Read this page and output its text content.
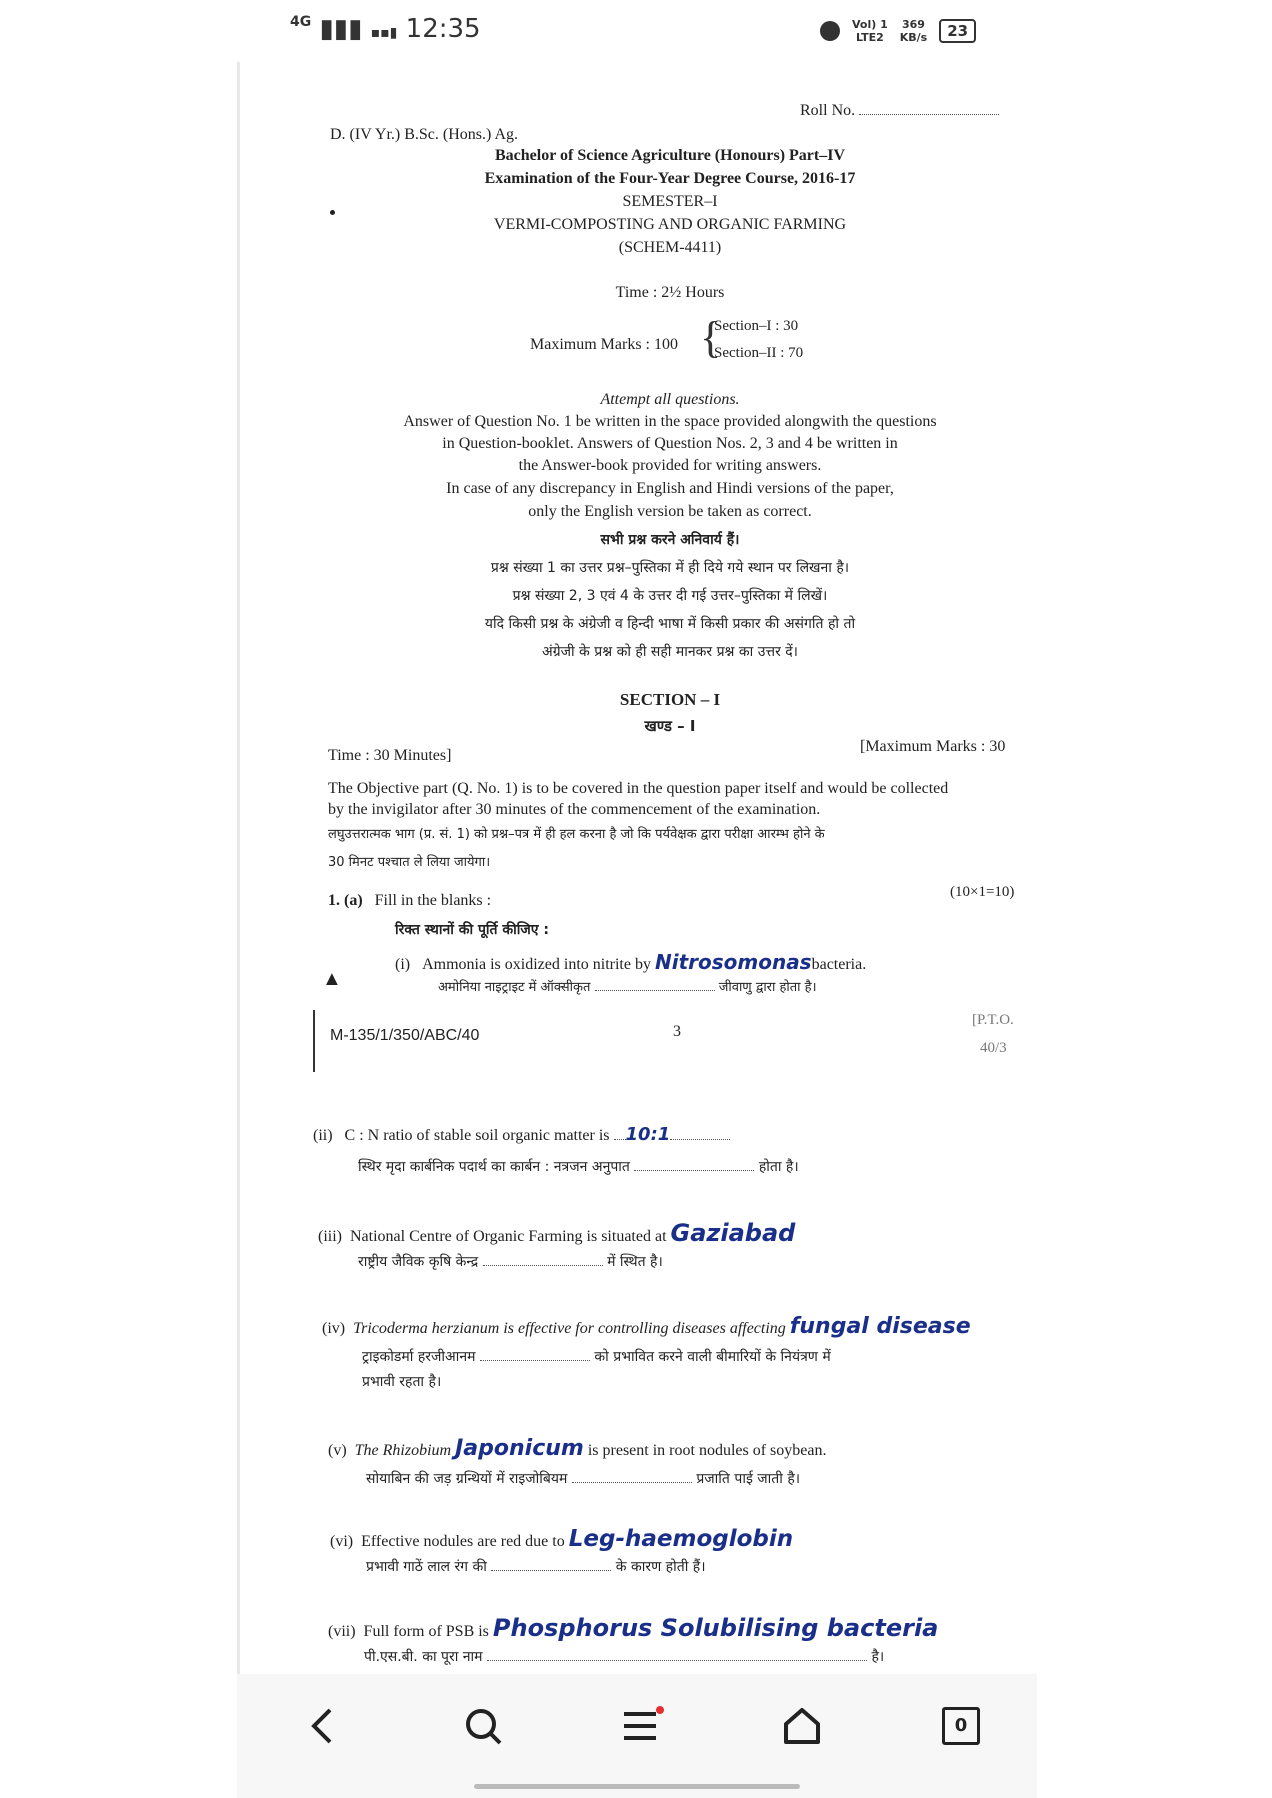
$^{4G}$ ▮▮▮ ▪▪▮ 12:35	Vol) 1
LTE2
369
KB/s	23
Roll No.
D. (IV Yr.) B.Sc. (Hons.) Ag.
Bachelor of Science Agriculture (Honours) Part–IV
Examination of the Four-Year Degree Course, 2016-17
SEMESTER–I
VERMI-COMPOSTING AND ORGANIC FARMING
(SCHEM-4411)
Time : 2½ Hours
Maximum Marks : 100 {
Section–I : 30
Section–II : 70
Attempt all questions.
Answer of Question No. 1 be written in the space provided alongwith the questions
in Question-booklet. Answers of Question Nos. 2, 3 and 4 be written in
the Answer-book provided for writing answers.
In case of any discrepancy in English and Hindi versions of the paper,
only the English version be taken as correct.
सभी प्रश्न करने अनिवार्य हैं।
प्रश्न संख्या 1 का उत्तर प्रश्न–पुस्तिका में ही दिये गये स्थान पर लिखना है।
प्रश्न संख्या 2, 3 एवं 4 के उत्तर दी गई उत्तर–पुस्तिका में लिखें।
यदि किसी प्रश्न के अंग्रेजी व हिन्दी भाषा में किसी प्रकार की असंगति हो तो
अंग्रेजी के प्रश्न को ही सही मानकर प्रश्न का उत्तर दें।
SECTION – I
खण्ड – I
Time : 30 Minutes]
[Maximum Marks : 30
The Objective part (Q. No. 1) is to be covered in the question paper itself and would be collected
by the invigilator after 30 minutes of the commencement of the examination.
लघुउत्तरात्मक भाग (प्र. सं. 1) को प्रश्न–पत्र में ही हल करना है जो कि पर्यवेक्षक द्वारा परीक्षा आरम्भ होने के
30 मिनट पश्चात ले लिया जायेगा।
1. (a) Fill in the blanks :	(10×1=10)
रिक्त स्थानों की पूर्ति कीजिए :
(i) Ammonia is oxidized into nitrite by Nitrosomonasbacteria.
अमोनिया नाइट्राइट में ऑक्सीकृत	जीवाणु द्वारा होता है।
▲
M-135/1/350/ABC/40	3
[P.T.O.
40/3
(ii) C : N ratio of stable soil organic matter is 10:1
स्थिर मृदा कार्बनिक पदार्थ का कार्बन : नत्रजन अनुपात	होता है।
(iii) National Centre of Organic Farming is situated at Gaziabad
राष्ट्रीय जैविक कृषि केन्द्र	में स्थित है।
(iv) Tricoderma herzianum is effective for controlling diseases affecting fungal disease
ट्राइकोडर्मा हरजीआनम	को प्रभावित करने वाली बीमारियों के नियंत्रण में
प्रभावी रहता है।
(v) The Rhizobium Japonicum is present in root nodules of soybean.
सोयाबिन की जड़ ग्रन्थियों में राइजोबियम	प्रजाति पाई जाती है।
(vi) Effective nodules are red due to Leg-haemoglobin
प्रभावी गाठें लाल रंग की	के कारण होती हैं।
(vii) Full form of PSB is Phosphorus Solubilising bacteria
पी.एस.बी. का पूरा नाम	है।
0
